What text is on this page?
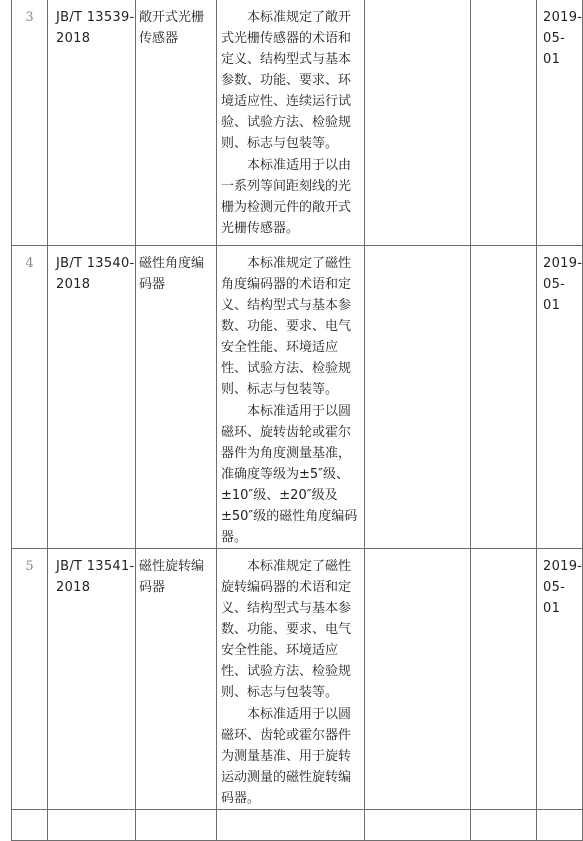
3	JB/T 13539-2018	敞开式光栅传感器	本标准规定了敞开式光栅传感器的术语和定义、结构型式与基本参数、功能、要求、环境适应性、连续运行试验、试验方法、检验规则、标志与包装等。

本标准适用于以由一系列等间距刻线的光栅为检测元件的敞开式光栅传感器。			2019-05-01
4	JB/T 13540-2018	磁性角度编码器	本标准规定了磁性角度编码器的术语和定义、结构型式与基本参数、功能、要求、电气安全性能、环境适应性、试验方法、检验规则、标志与包装等。

本标准适用于以圆磁环、旋转齿轮或霍尔器件为角度测量基准，准确度等级为±5″级、±10″级、±20″级及±50″级的磁性角度编码器。			2019-05-01
5	JB/T 13541-2018	磁性旋转编码器	本标准规定了磁性旋转编码器的术语和定义、结构型式与基本参数、功能、要求、电气安全性能、环境适应性、试验方法、检验规则、标志与包装等。

本标准适用于以圆磁环、齿轮或霍尔器件为测量基准、用于旋转运动测量的磁性旋转编码器。			2019-05-01
